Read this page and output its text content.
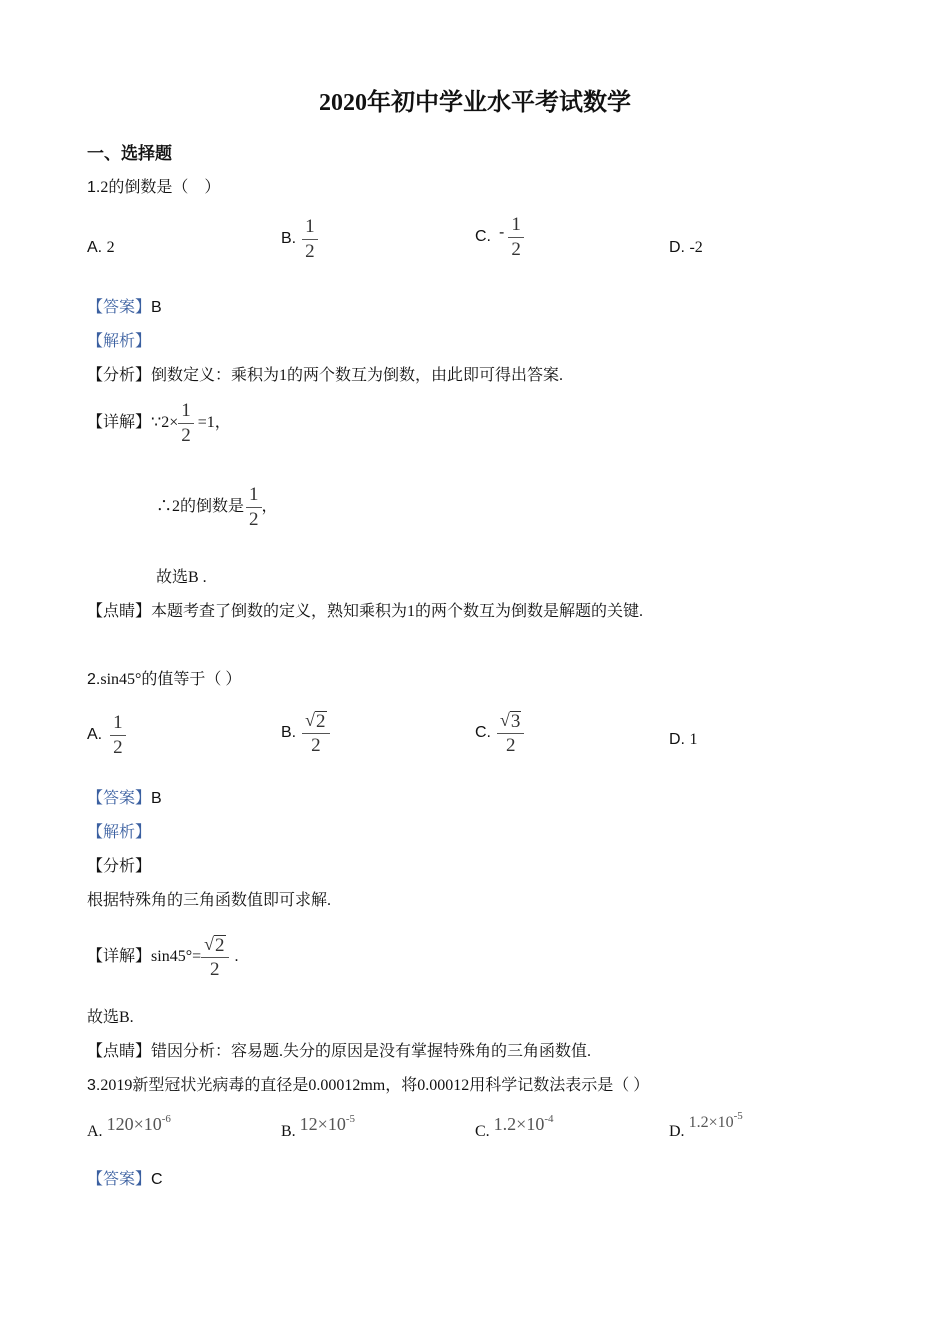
2020年初中学业水平考试数学
一、选择题
1.2的倒数是（　）
A. 2
B. $\frac{1}{2}$	C. - $\frac{1}{2}$	D. -2
【答案】B
【解析】
【分析】倒数定义：乘积为1的两个数互为倒数，由此即可得出答案.
【详解】 ∵2× $\frac{1}{2} =1$，
∴2的倒数是 $\frac{1}{2}$ ，
故选B .
【点睛】本题考查了倒数的定义，熟知乘积为1的两个数互为倒数是解题的关键.
2.sin45°的值等于（ ）
A. $\frac{1}{2}$	B. $\frac{√ 2}{2}$	C. $\frac{√ 3}{2}$	D. 1
【答案】B
【解析】
【分析】
根据特殊角的三角函数值即可求解.
【详解】 $\sin 45^\circ= \frac{√ 2}{2}$ .
故选B.
【点睛】错因分析：容易题.失分的原因是没有掌握特殊角的三角函数值.
3.2019新型冠状光病毒的直径是0.00012mm，将0.00012用科学记数法表示是（ ）
A. $120\times 10^{-6}$
B. $12\times 10^{-5}$
C. $1.2\times 10^{-4}$
D.
$1.2\times 10^{-5}$
【答案】C
